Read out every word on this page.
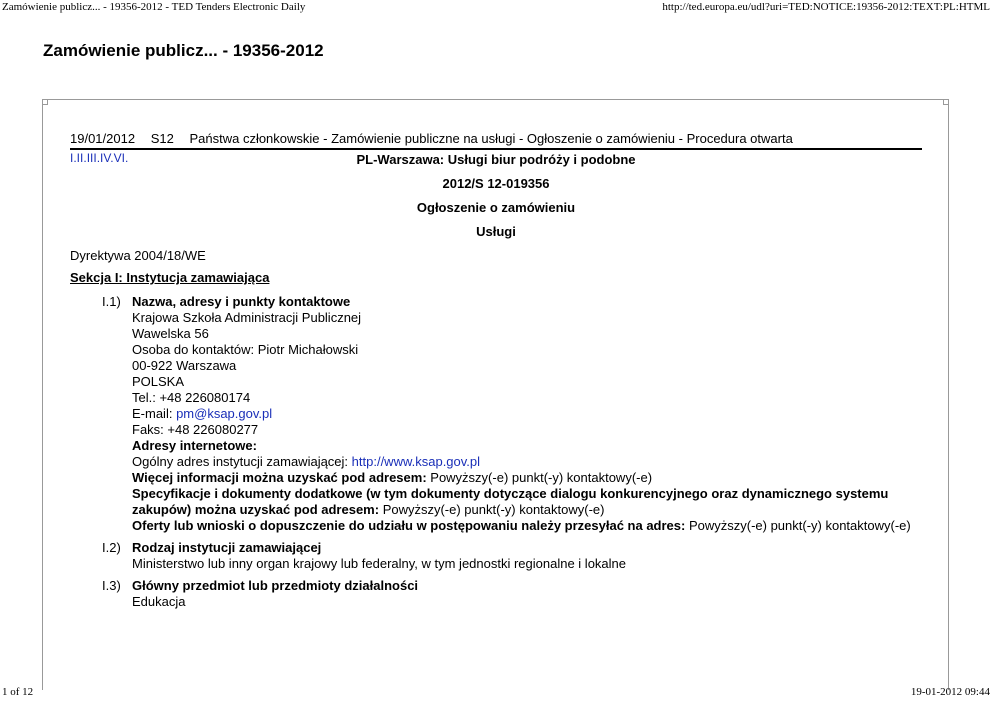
Zamówienie publicz... - 19356-2012 - TED Tenders Electronic Daily	http://ted.europa.eu/udl?uri=TED:NOTICE:19356-2012:TEXT:PL:HTML
Zamówienie publicz... - 19356-2012
19/01/2012 S12 Państwa członkowskie - Zamówienie publiczne na usługi - Ogłoszenie o zamówieniu - Procedura otwarta
I.II.III.IV.VI.	PL-Warszawa: Usługi biur podróży i podobne
2012/S 12-019356
Ogłoszenie o zamówieniu
Usługi
Dyrektywa 2004/18/WE
Sekcja I: Instytucja zamawiająca
I.1) Nazwa, adresy i punkty kontaktowe
Krajowa Szkoła Administracji Publicznej
Wawelska 56
Osoba do kontaktów: Piotr Michałowski
00-922 Warszawa
POLSKA
Tel.: +48 226080174
E-mail: pm@ksap.gov.pl
Faks: +48 226080277
Adresy internetowe:
Ogólny adres instytucji zamawiającej: http://www.ksap.gov.pl
Więcej informacji można uzyskać pod adresem: Powyższy(-e) punkt(-y) kontaktowy(-e)
Specyfikacje i dokumenty dodatkowe (w tym dokumenty dotyczące dialogu konkurencyjnego oraz dynamicznego systemu zakupów) można uzyskać pod adresem: Powyższy(-e) punkt(-y) kontaktowy(-e)
Oferty lub wnioski o dopuszczenie do udziału w postępowaniu należy przesyłać na adres: Powyższy(-e) punkt(-y) kontaktowy(-e)
I.2) Rodzaj instytucji zamawiającej
Ministerstwo lub inny organ krajowy lub federalny, w tym jednostki regionalne i lokalne
I.3) Główny przedmiot lub przedmioty działalności
Edukacja
1 of 12	19-01-2012 09:44
